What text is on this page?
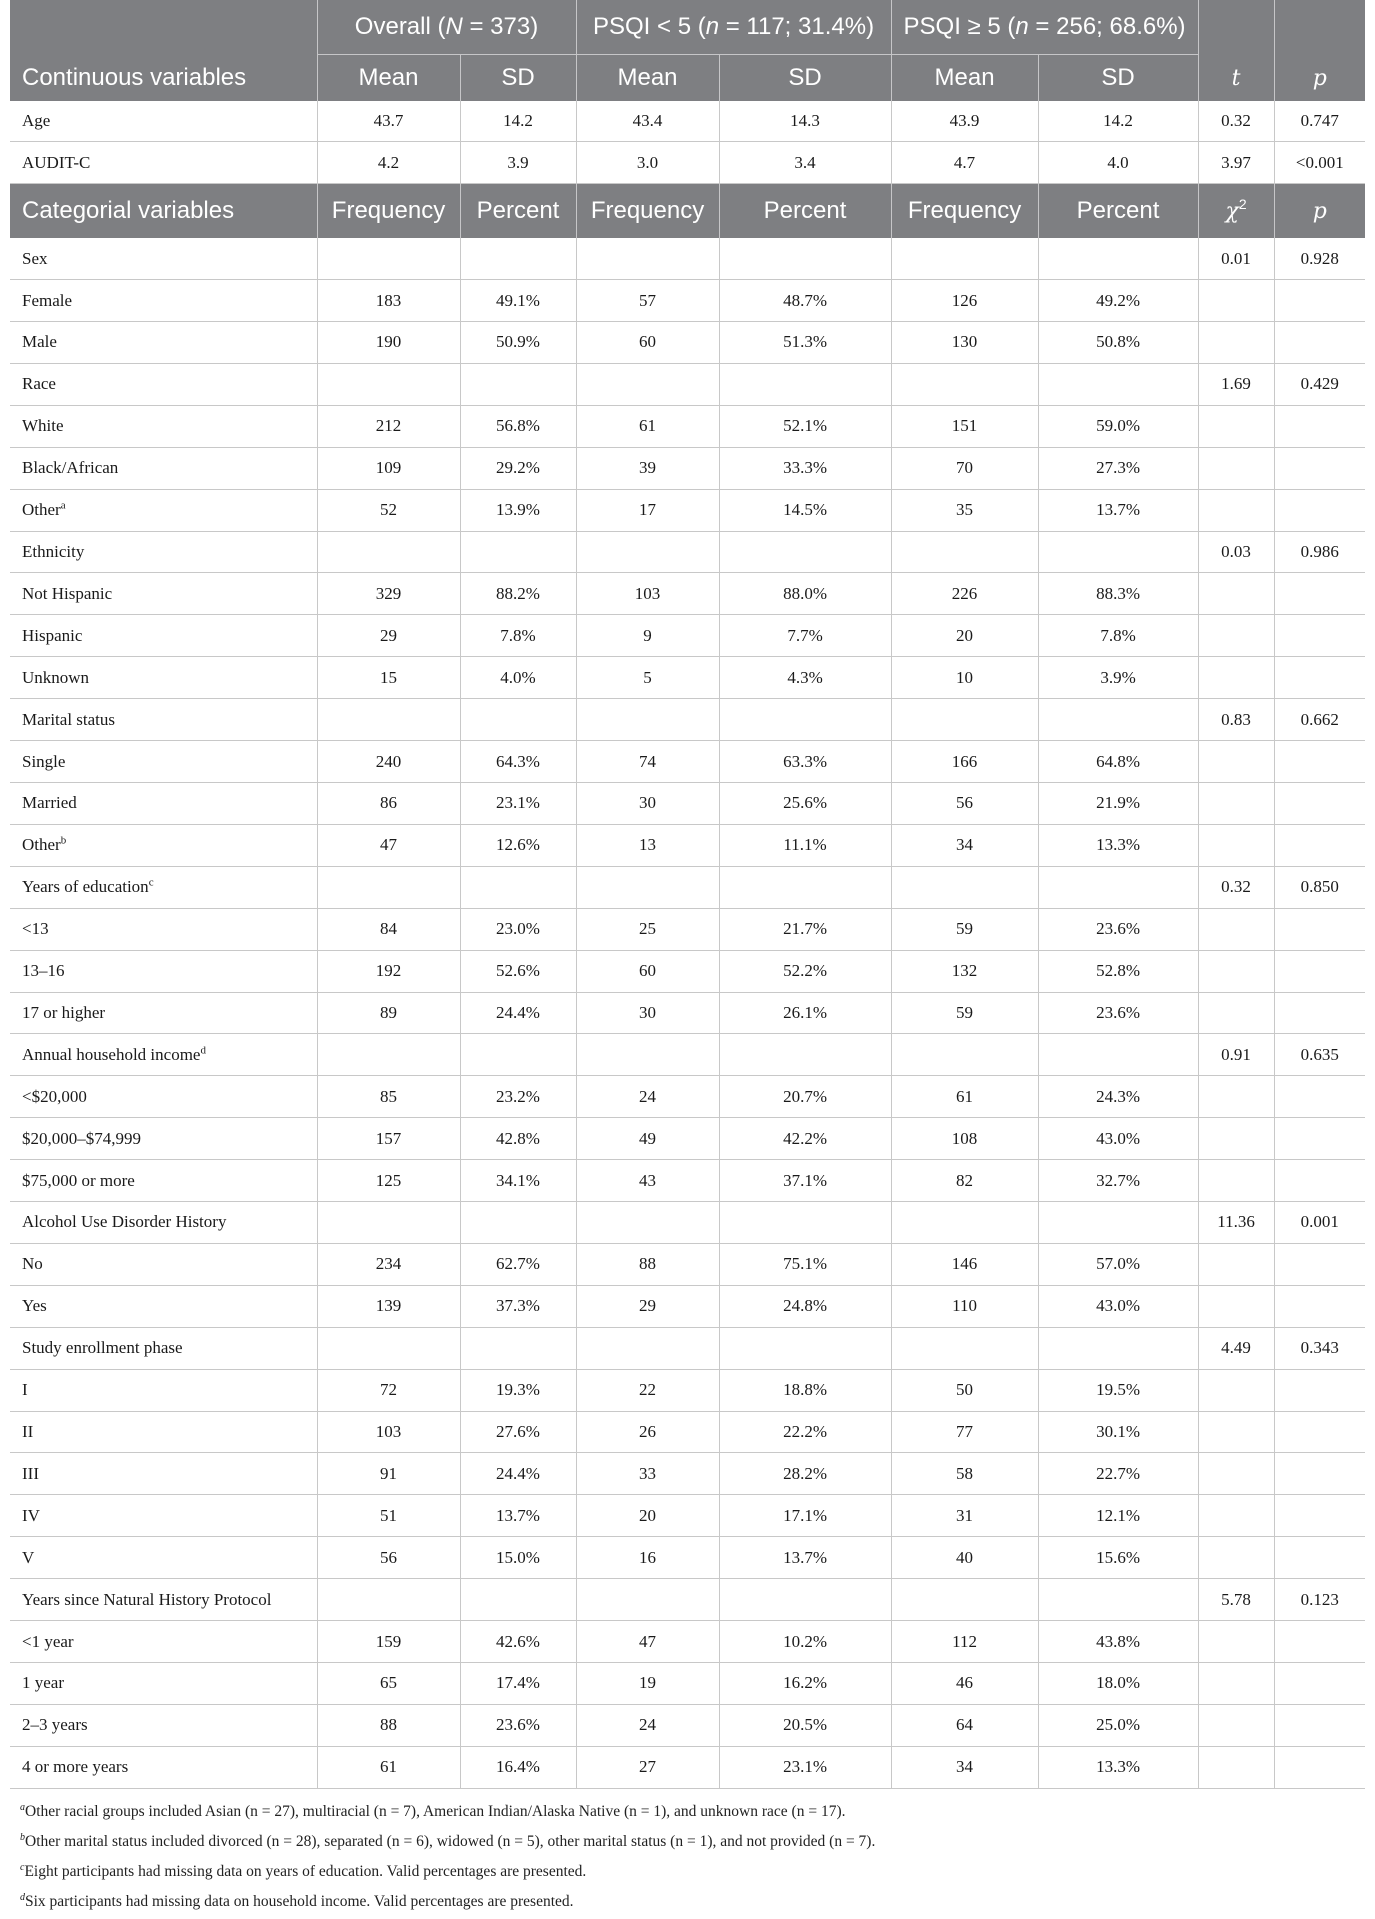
	Overall (N = 373)		PSQI < 5 (n = 117; 31.4%)		PSQI ≥ 5 (n = 256; 68.6%)			
Continuous variables	Mean	SD	Mean	SD	Mean	SD	t	p
Age	43.7	14.2	43.4	14.3	43.9	14.2	0.32	0.747
AUDIT-C	4.2	3.9	3.0	3.4	4.7	4.0	3.97	<0.001
Categorial variables	Frequency	Percent	Frequency	Percent	Frequency	Percent	$\chi^2$	p
Sex							0.01	0.928
Female	183	49.1%	57	48.7%	126	49.2%		
Male	190	50.9%	60	51.3%	130	50.8%		
Race							1.69	0.429
White	212	56.8%	61	52.1%	151	59.0%		
Black/African	109	29.2%	39	33.3%	70	27.3%		
Other$^a$	52	13.9%	17	14.5%	35	13.7%		
Ethnicity							0.03	0.986
Not Hispanic	329	88.2%	103	88.0%	226	88.3%		
Hispanic	29	7.8%	9	7.7%	20	7.8%		
Unknown	15	4.0%	5	4.3%	10	3.9%		
Marital status							0.83	0.662
Single	240	64.3%	74	63.3%	166	64.8%		
Married	86	23.1%	30	25.6%	56	21.9%		
Other$^b$	47	12.6%	13	11.1%	34	13.3%		
Years of education$^c$							0.32	0.850
<13	84	23.0%	25	21.7%	59	23.6%		
13–16	192	52.6%	60	52.2%	132	52.8%		
17 or higher	89	24.4%	30	26.1%	59	23.6%		
Annual household income$^d$							0.91	0.635
<$20,000	85	23.2%	24	20.7%	61	24.3%		
$20,000–$74,999	157	42.8%	49	42.2%	108	43.0%		
$75,000 or more	125	34.1%	43	37.1%	82	32.7%		
Alcohol Use Disorder History							11.36	0.001
No	234	62.7%	88	75.1%	146	57.0%		
Yes	139	37.3%	29	24.8%	110	43.0%		
Study enrollment phase							4.49	0.343
I	72	19.3%	22	18.8%	50	19.5%		
II	103	27.6%	26	22.2%	77	30.1%		
III	91	24.4%	33	28.2%	58	22.7%		
IV	51	13.7%	20	17.1%	31	12.1%		
V	56	15.0%	16	13.7%	40	15.6%		
Years since Natural History Protocol							5.78	0.123
<1 year	159	42.6%	47	10.2%	112	43.8%		
1 year	65	17.4%	19	16.2%	46	18.0%		
2–3 years	88	23.6%	24	20.5%	64	25.0%		
4 or more years	61	16.4%	27	23.1%	34	13.3%		
$^a$Other racial groups included Asian (n = 27), multiracial (n = 7), American Indian/Alaska Native (n = 1), and unknown race (n = 17).
$^b$Other marital status included divorced (n = 28), separated (n = 6), widowed (n = 5), other marital status (n = 1), and not provided (n = 7).
$^c$Eight participants had missing data on years of education. Valid percentages are presented.
$^d$Six participants had missing data on household income. Valid percentages are presented.
